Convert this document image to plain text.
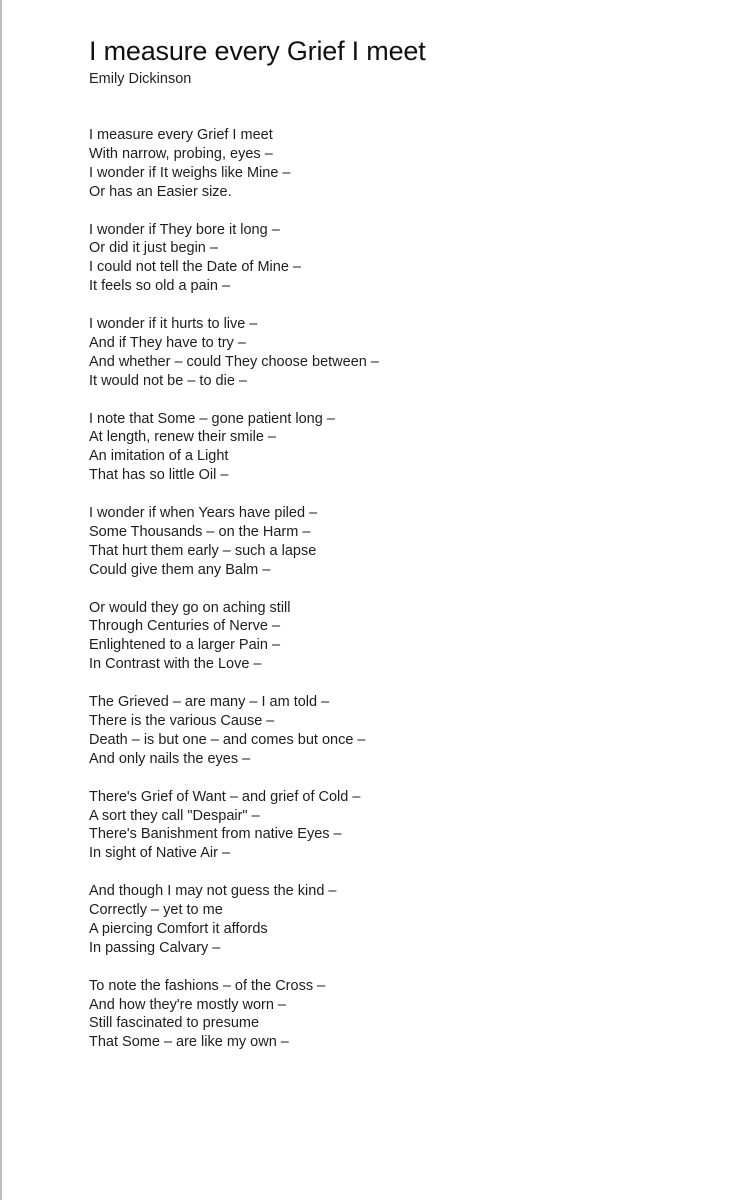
I measure every Grief I meet
Emily Dickinson
I measure every Grief I meet
With narrow, probing, eyes –
I wonder if It weighs like Mine –
Or has an Easier size.
I wonder if They bore it long –
Or did it just begin –
I could not tell the Date of Mine –
It feels so old a pain –
I wonder if it hurts to live –
And if They have to try –
And whether – could They choose between –
It would not be – to die –
I note that Some – gone patient long –
At length, renew their smile –
An imitation of a Light
That has so little Oil –
I wonder if when Years have piled –
Some Thousands – on the Harm –
That hurt them early – such a lapse
Could give them any Balm –
Or would they go on aching still
Through Centuries of Nerve –
Enlightened to a larger Pain –
In Contrast with the Love –
The Grieved – are many – I am told –
There is the various Cause –
Death – is but one – and comes but once –
And only nails the eyes –
There's Grief of Want – and grief of Cold –
A sort they call "Despair" –
There's Banishment from native Eyes –
In sight of Native Air –
And though I may not guess the kind –
Correctly – yet to me
A piercing Comfort it affords
In passing Calvary –
To note the fashions – of the Cross –
And how they're mostly worn –
Still fascinated to presume
That Some – are like my own –
